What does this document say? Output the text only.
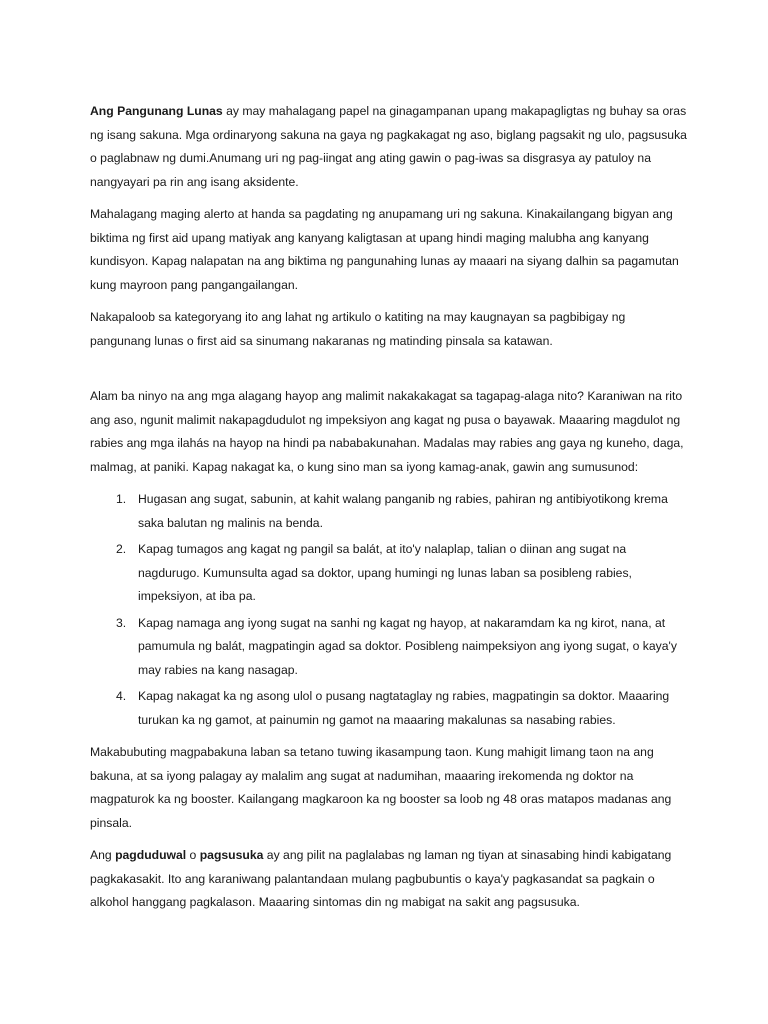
Ang Pangunang Lunas ay may mahalagang papel na ginagampanan upang makapagligtas ng buhay sa oras ng isang sakuna. Mga ordinaryong sakuna na gaya ng pagkakagat ng aso, biglang pagsakit ng ulo, pagsusuka o paglabnaw ng dumi.Anumang uri ng pag-iingat ang ating gawin o pag-iwas sa disgrasya ay patuloy na nangyayari pa rin ang isang aksidente.

Mahalagang maging alerto at handa sa pagdating ng anupamang uri ng sakuna. Kinakailangang bigyan ang biktima ng first aid upang matiyak ang kanyang kaligtasan at upang hindi maging malubha ang kanyang kundisyon. Kapag nalapatan na ang biktima ng pangunahing lunas ay maaari na siyang dalhin sa pagamutan kung mayroon pang pangangailangan.

Nakapaloob sa kategoryang ito ang lahat ng artikulo o katiting na may kaugnayan sa pagbibigay ng pangunang lunas o first aid sa sinumang nakaranas ng matinding pinsala sa katawan.

Alam ba ninyo na ang mga alagang hayop ang malimit nakakakagat sa tagapag-alaga nito? Karaniwan na rito ang aso, ngunit malimit nakapagdudulot ng impeksiyon ang kagat ng pusa o bayawak. Maaaring magdulot ng rabies ang mga ilahás na hayop na hindi pa nababakunahan. Madalas may rabies ang gaya ng kuneho, daga, malmag, at paniki. Kapag nakagat ka, o kung sino man sa iyong kamag-anak, gawin ang sumusunod:

1. Hugasan ang sugat, sabunin, at kahit walang panganib ng rabies, pahiran ng antibiyotikong krema saka balutan ng malinis na benda.
2. Kapag tumagos ang kagat ng pangil sa balát, at ito'y nalaplap, talian o diinan ang sugat na nagdurugo. Kumunsulta agad sa doktor, upang humingi ng lunas laban sa posibleng rabies, impeksiyon, at iba pa.
3. Kapag namaga ang iyong sugat na sanhi ng kagat ng hayop, at nakaramdam ka ng kirot, nana, at pamumula ng balát, magpatingin agad sa doktor. Posibleng naimpeksiyon ang iyong sugat, o kaya'y may rabies na kang nasagap.
4. Kapag nakagat ka ng asong ulol o pusang nagtataglay ng rabies, magpatingin sa doktor. Maaaring turukan ka ng gamot, at painumin ng gamot na maaaring makalunas sa nasabing rabies.

Makabubuting magpabakuna laban sa tetano tuwing ikasampung taon. Kung mahigit limang taon na ang bakuna, at sa iyong palagay ay malalim ang sugat at nadumihan, maaaring irekomenda ng doktor na magpaturok ka ng booster. Kailangang magkaroon ka ng booster sa loob ng 48 oras matapos madanas ang pinsala.

Ang pagduduwal o pagsusuka ay ang pilit na paglalabas ng laman ng tiyan at sinasabing hindi kabigatang pagkakasakit. Ito ang karaniwang palantandaan mulang pagbubuntis o kaya'y pagkasandat sa pagkain o alkohol hanggang pagkalason. Maaaring sintomas din ng mabigat na sakit ang pagsusuka.
